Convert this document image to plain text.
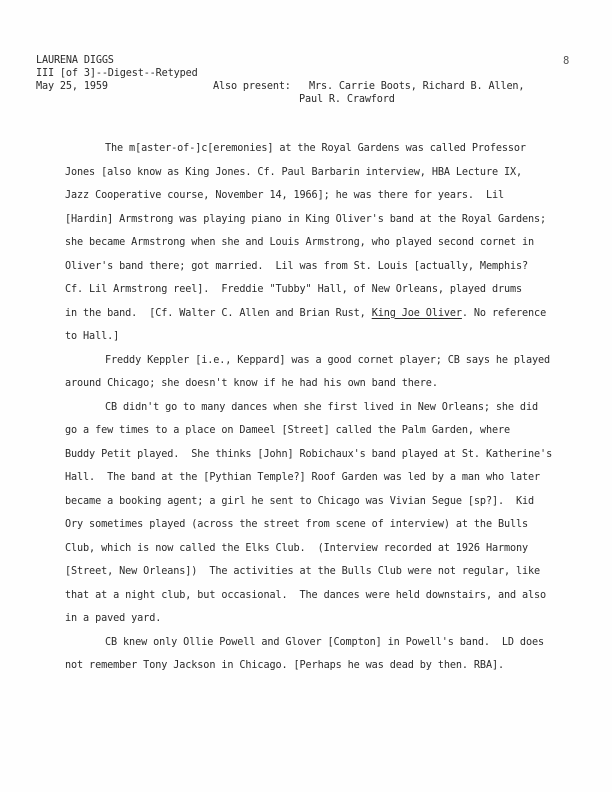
LAURENA DIGGS
III [of 3]--Digest--Retyped
May 25, 1959	Also present: Mrs. Carrie Boots, Richard B. Allen,
Paul R. Crawford
8
The m[aster-of-]c[eremonies] at the Royal Gardens was called Professor
Jones [also know as King Jones. Cf. Paul Barbarin interview, HBA Lecture IX,
Jazz Cooperative course, November 14, 1966]; he was there for years.  Lil
[Hardin] Armstrong was playing piano in King Oliver's band at the Royal Gardens;
she became Armstrong when she and Louis Armstrong, who played second cornet in
Oliver's band there; got married.  Lil was from St. Louis [actually, Memphis?
Cf. Lil Armstrong reel].  Freddie "Tubby" Hall, of New Orleans, played drums
in the band.  [Cf. Walter C. Allen and Brian Rust, King Joe Oliver. No reference
to Hall.]
Freddy Keppler [i.e., Keppard] was a good cornet player; CB says he played
around Chicago; she doesn't know if he had his own band there.
CB didn't go to many dances when she first lived in New Orleans; she did
go a few times to a place on Dameel [Street] called the Palm Garden, where
Buddy Petit played.  She thinks [John] Robichaux's band played at St. Katherine's
Hall.  The band at the [Pythian Temple?] Roof Garden was led by a man who later
became a booking agent; a girl he sent to Chicago was Vivian Segue [sp?].  Kid
Ory sometimes played (across the street from scene of interview) at the Bulls
Club, which is now called the Elks Club.  (Interview recorded at 1926 Harmony
[Street, New Orleans])  The activities at the Bulls Club were not regular, like
that at a night club, but occasional.  The dances were held downstairs, and also
in a paved yard.
CB knew only Ollie Powell and Glover [Compton] in Powell's band.  LD does
not remember Tony Jackson in Chicago. [Perhaps he was dead by then. RBA].
